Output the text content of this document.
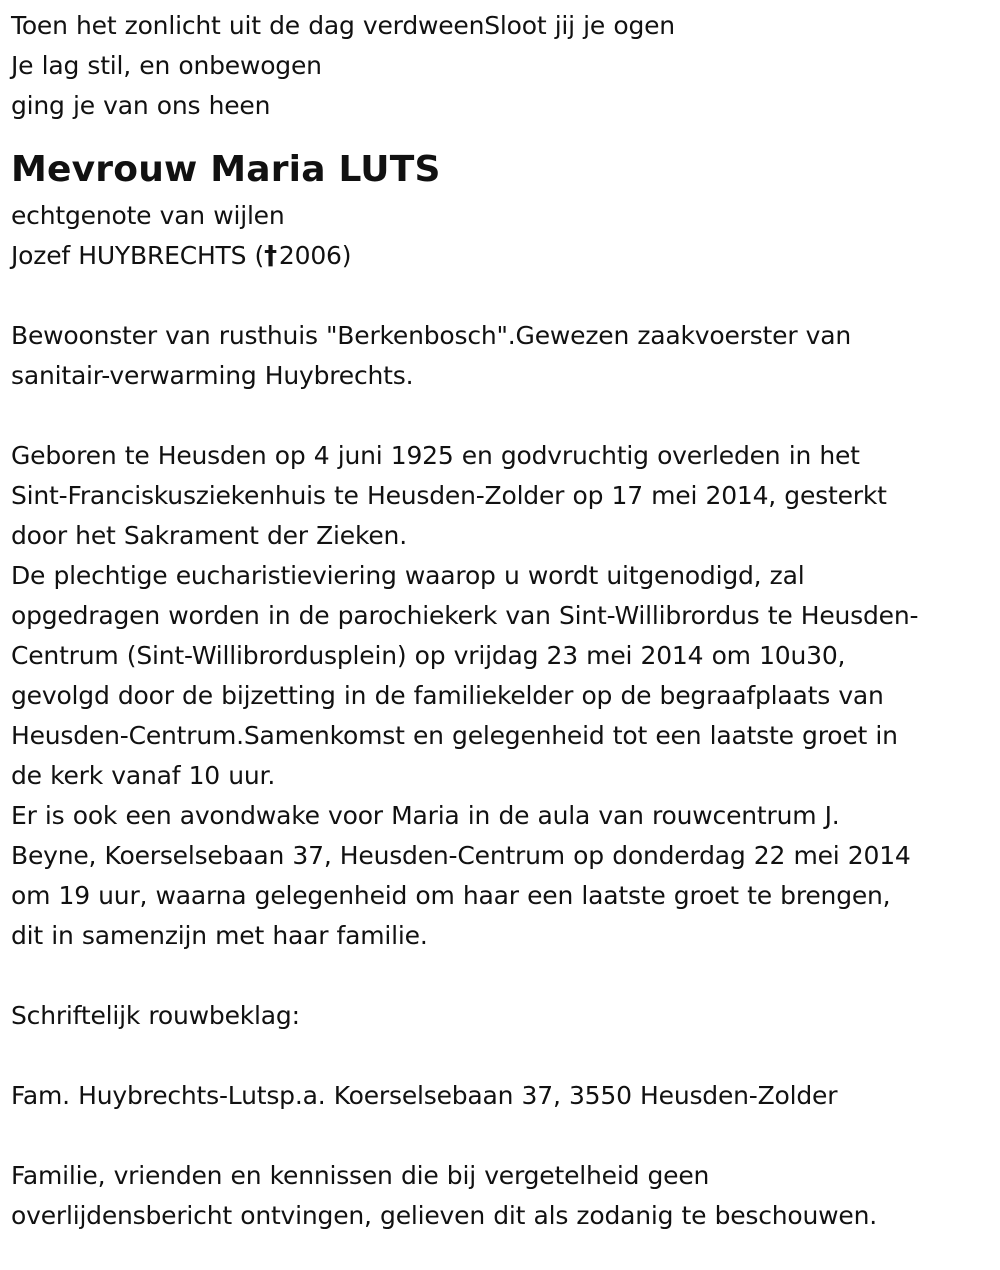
Toen het zonlicht uit de dag verdweenSloot jij je ogen
Je lag stil, en onbewogen
ging je van ons heen
Mevrouw Maria LUTS
echtgenote van wijlen
Jozef HUYBRECHTS (†2006)
Bewoonster van rusthuis "Berkenbosch".Gewezen zaakvoerster van
sanitair-verwarming Huybrechts.
Geboren te Heusden op 4 juni 1925 en godvruchtig overleden in het
Sint-Franciskusziekenhuis te Heusden-Zolder op 17 mei 2014, gesterkt
door het Sakrament der Zieken.
De plechtige eucharistieviering waarop u wordt uitgenodigd, zal
opgedragen worden in de parochiekerk van Sint-Willibrordus te Heusden-
Centrum (Sint-Willibrordusplein) op vrijdag 23 mei 2014 om 10u30,
gevolgd door de bijzetting in de familiekelder op de begraafplaats van
Heusden-Centrum.Samenkomst en gelegenheid tot een laatste groet in
de kerk vanaf 10 uur.
Er is ook een avondwake voor Maria in de aula van rouwcentrum J.
Beyne, Koerselsebaan 37, Heusden-Centrum op donderdag 22 mei 2014
om 19 uur, waarna gelegenheid om haar een laatste groet te brengen,
dit in samenzijn met haar familie.
Schriftelijk rouwbeklag:
Fam. Huybrechts-Lutsp.a. Koerselsebaan 37, 3550 Heusden-Zolder
Familie, vrienden en kennissen die bij vergetelheid geen
overlijdensbericht ontvingen, gelieven dit als zodanig te beschouwen.
